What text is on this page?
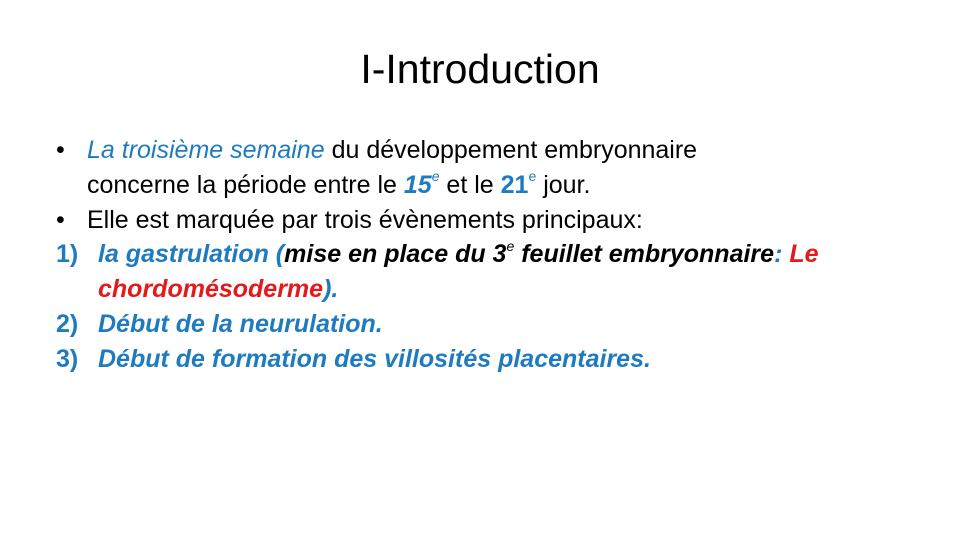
I-Introduction

• La troisième semaine du développement embryonnaire
concerne la période entre le 15e et le 21e jour.

• Elle est marquée par trois évènements principaux:

1) la gastrulation (mise en place du 3e feuillet embryonnaire: Le
chordomésoderme).

2) Début de la neurulation.

3) Début de formation des villosités placentaires.
